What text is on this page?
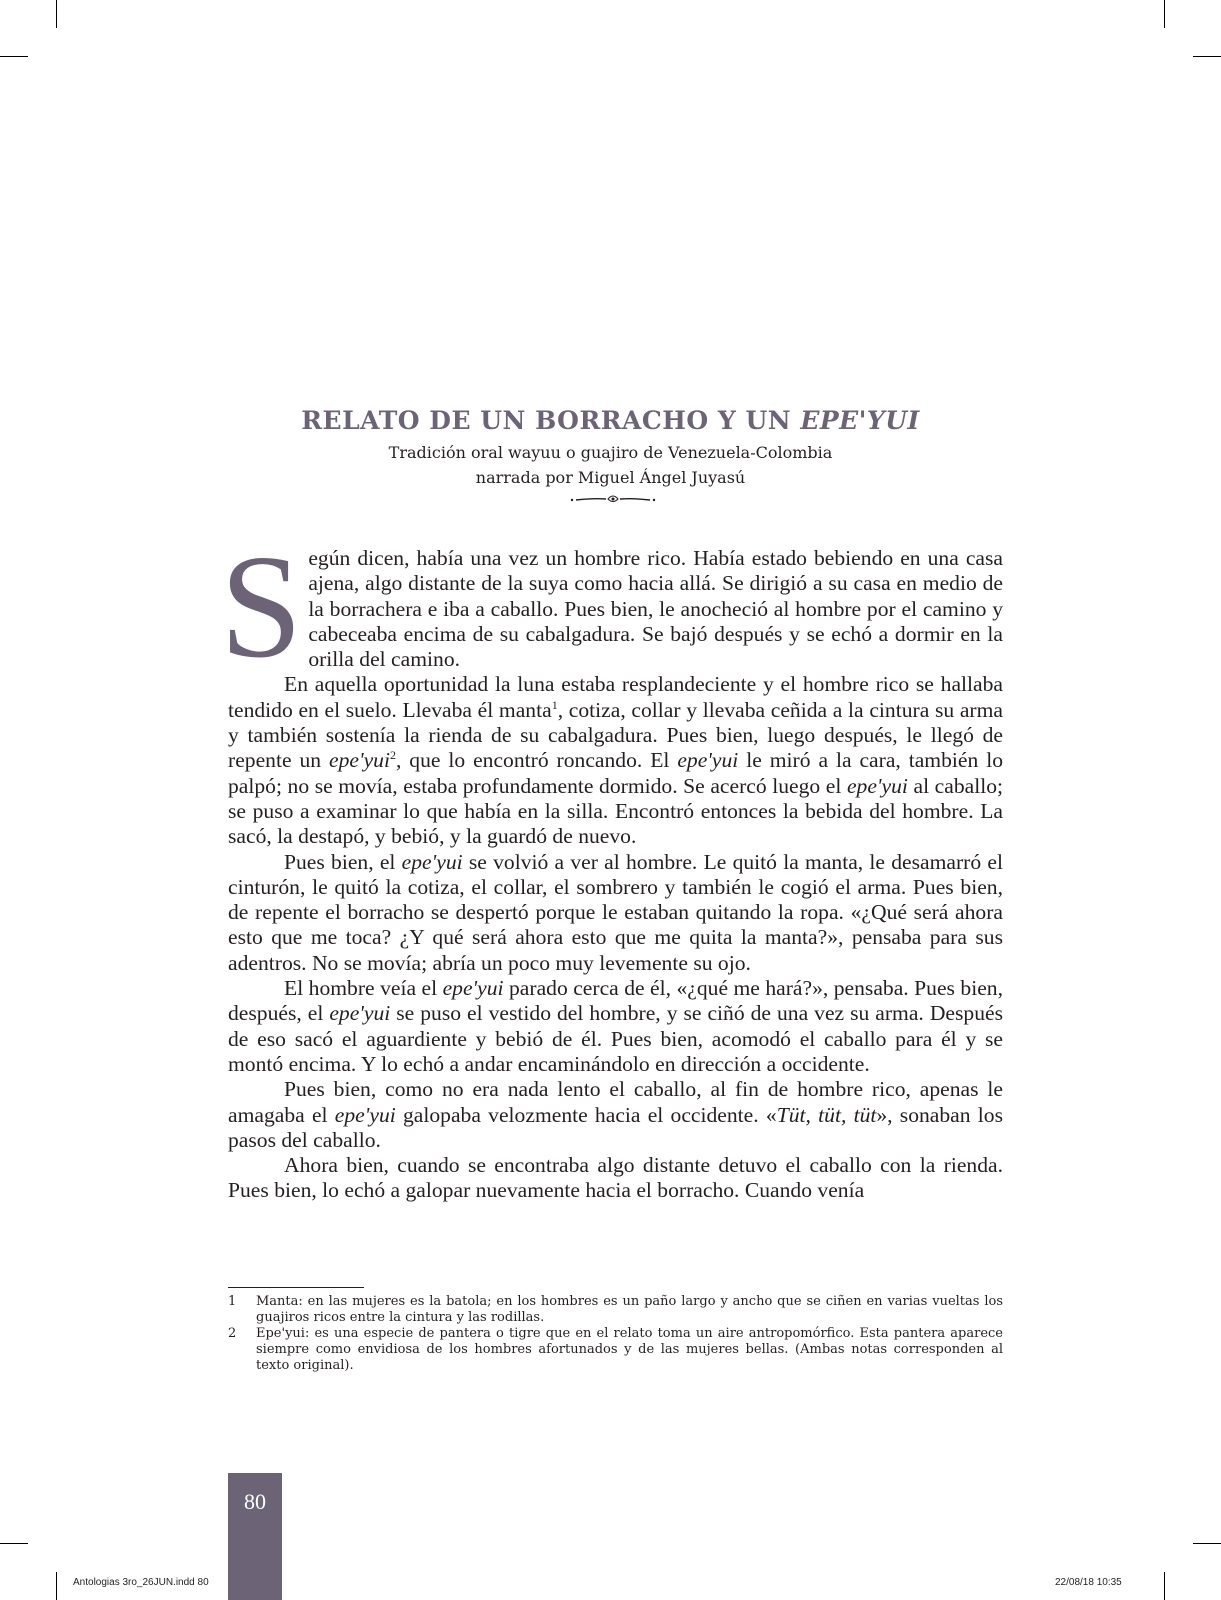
RELATO DE UN BORRACHO Y UN EPE'YUI
Tradición oral wayuu o guajiro de Venezuela-Colombia
narrada por Miguel Ángel Juyasú

Según dicen, había una vez un hombre rico. Había estado bebiendo en una casa ajena, algo distante de la suya como hacia allá. Se dirigió a su casa en medio de la borrachera e iba a caballo. Pues bien, le anocheció al hombre por el camino y cabeceaba encima de su cabalgadura. Se bajó después y se echó a dormir en la orilla del camino.

En aquella oportunidad la luna estaba resplandeciente y el hombre rico se hallaba tendido en el suelo. Llevaba él manta$^1$, cotiza, collar y llevaba ceñida a la cintura su arma y también sostenía la rienda de su cabalgadura. Pues bien, luego después, le llegó de repente un epe'yui$^2$, que lo encontró roncando. El epe'yui le miró a la cara, también lo palpó; no se movía, estaba profundamente dormido. Se acercó luego el epe'yui al caballo; se puso a examinar lo que había en la silla. Encontró entonces la bebida del hombre. La sacó, la destapó, y bebió, y la guardó de nuevo.

Pues bien, el epe'yui se volvió a ver al hombre. Le quitó la manta, le desamarró el cinturón, le quitó la cotiza, el collar, el sombrero y también le cogió el arma. Pues bien, de repente el borracho se despertó porque le estaban quitando la ropa. «¿Qué será ahora esto que me toca? ¿Y qué será ahora esto que me quita la manta?», pensaba para sus adentros. No se movía; abría un poco muy levemente su ojo.

El hombre veía el epe'yui parado cerca de él, «¿qué me hará?», pensaba. Pues bien, después, el epe'yui se puso el vestido del hombre, y se ciñó de una vez su arma. Después de eso sacó el aguardiente y bebió de él. Pues bien, acomodó el caballo para él y se montó encima. Y lo echó a andar encaminándolo en dirección a occidente.

Pues bien, como no era nada lento el caballo, al fin de hombre rico, apenas le amagaba el epe'yui galopaba velozmente hacia el occidente. «Tüt, tüt, tüt», sonaban los pasos del caballo.

Ahora bien, cuando se encontraba algo distante detuvo el caballo con la rienda. Pues bien, lo echó a galopar nuevamente hacia el borracho. Cuando venía

1 Manta: en las mujeres es la batola; en los hombres es un paño largo y ancho que se ciñen en varias vueltas los guajiros ricos entre la cintura y las rodillas.

2 Epe'yui: es una especie de pantera o tigre que en el relato toma un aire antropomórfico. Esta pantera aparece siempre como envidiosa de los hombres afortunados y de las mujeres bellas. (Ambas notas corresponden al texto original).

80
Antologias 3ro_26JUN.indd 80	22/08/18 10:35
